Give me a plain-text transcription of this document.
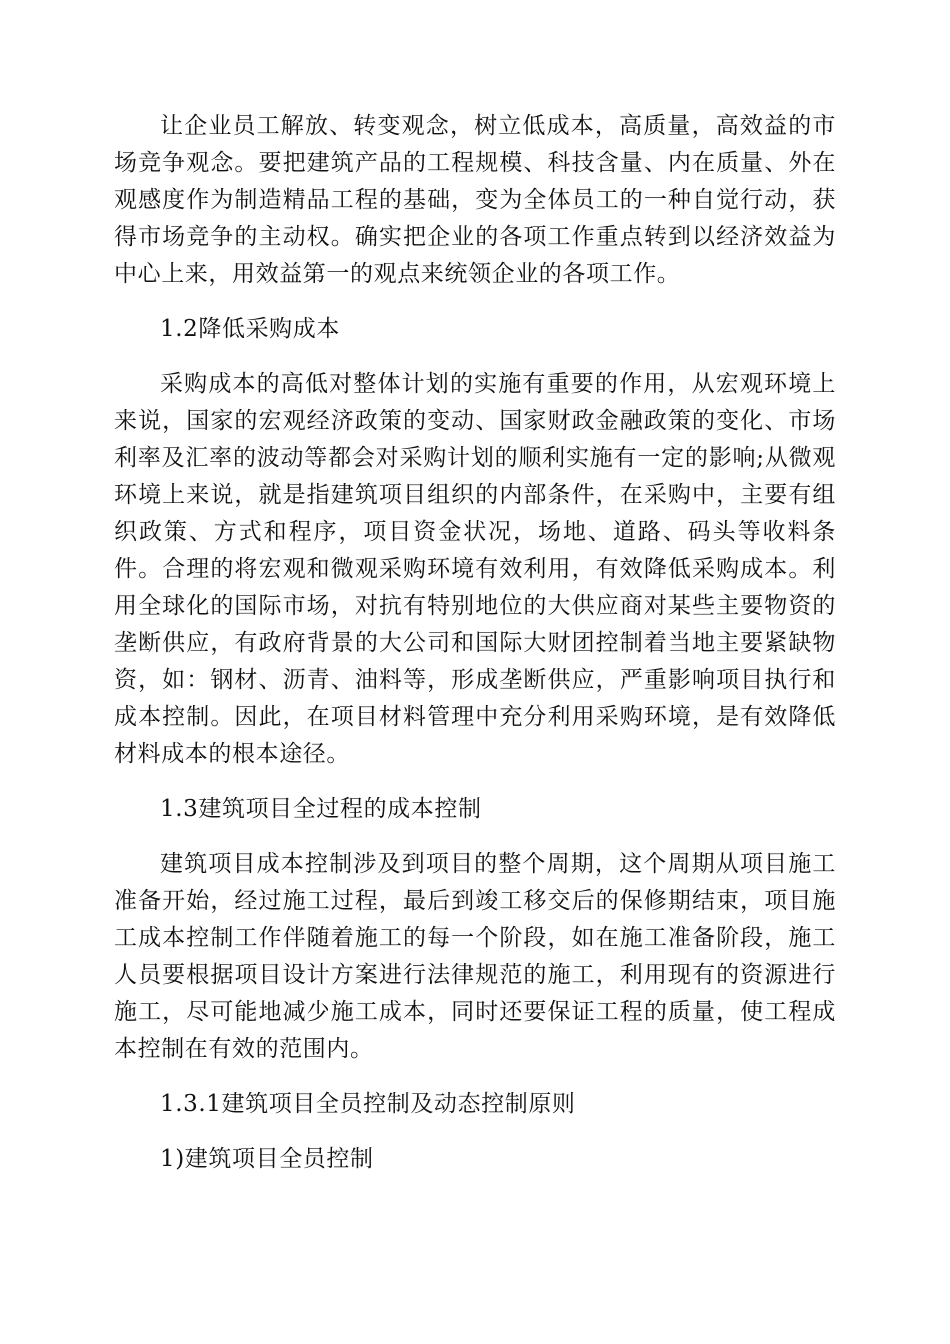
让企业员工解放、转变观念，树立低成本，高质量，高效益的市场竞争观念。要把建筑产品的工程规模、科技含量、内在质量、外在观感度作为制造精品工程的基础，变为全体员工的一种自觉行动，获得市场竞争的主动权。确实把企业的各项工作重点转到以经济效益为中心上来，用效益第一的观点来统领企业的各项工作。

1.2降低采购成本

采购成本的高低对整体计划的实施有重要的作用，从宏观环境上来说，国家的宏观经济政策的变动、国家财政金融政策的变化、市场利率及汇率的波动等都会对采购计划的顺利实施有一定的影响;从微观环境上来说，就是指建筑项目组织的内部条件，在采购中，主要有组织政策、方式和程序，项目资金状况，场地、道路、码头等收料条件。合理的将宏观和微观采购环境有效利用，有效降低采购成本。利用全球化的国际市场，对抗有特别地位的大供应商对某些主要物资的垄断供应，有政府背景的大公司和国际大财团控制着当地主要紧缺物资，如：钢材、沥青、油料等，形成垄断供应，严重影响项目执行和成本控制。因此，在项目材料管理中充分利用采购环境，是有效降低材料成本的根本途径。

1.3建筑项目全过程的成本控制

建筑项目成本控制涉及到项目的整个周期，这个周期从项目施工准备开始，经过施工过程，最后到竣工移交后的保修期结束，项目施工成本控制工作伴随着施工的每一个阶段，如在施工准备阶段，施工人员要根据项目设计方案进行法律规范的施工，利用现有的资源进行施工，尽可能地减少施工成本，同时还要保证工程的质量，使工程成本控制在有效的范围内。

1.3.1建筑项目全员控制及动态控制原则

1)建筑项目全员控制
